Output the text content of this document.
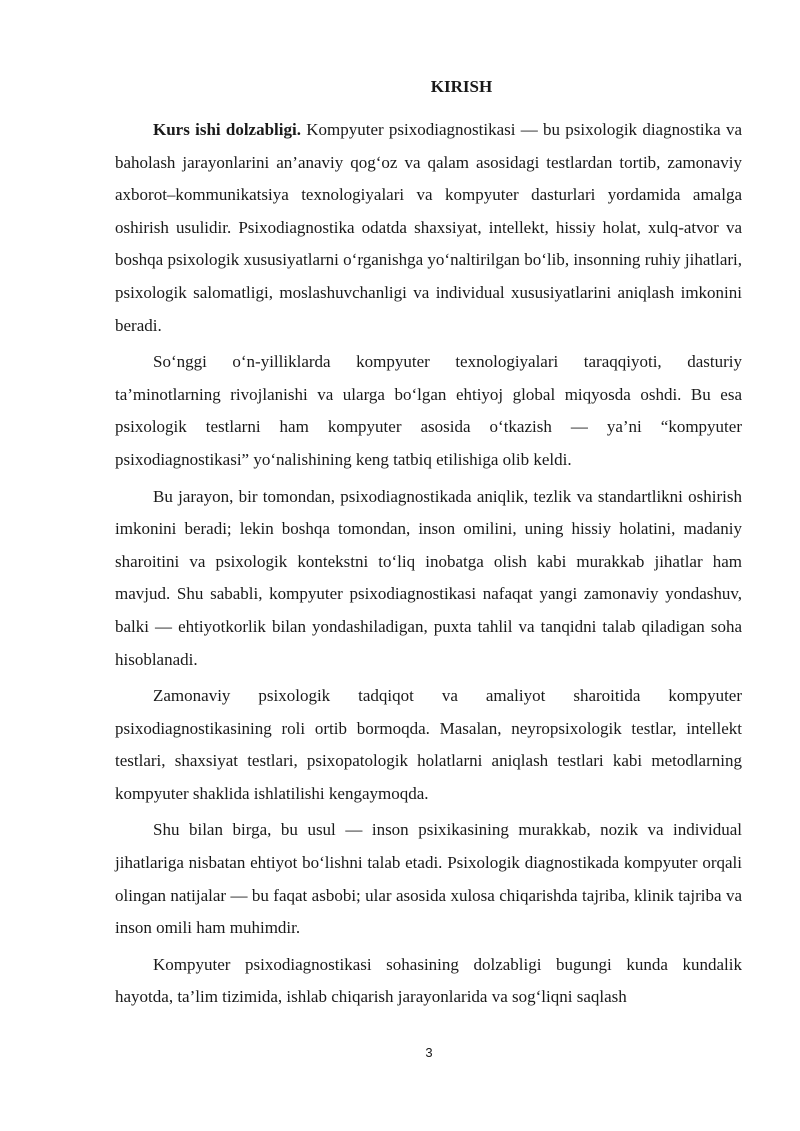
KIRISH

Kurs ishi dolzabligi. Kompyuter psixodiagnostikasi — bu psixologik diagnostika va baholash jarayonlarini an’anaviy qog‘oz va qalam asosidagi testlardan tortib, zamonaviy axborot–kommunikatsiya texnologiyalari va kompyuter dasturlari yordamida amalga oshirish usulidir. Psixodiagnostika odatda shaxsiyat, intellekt, hissiy holat, xulq-atvor va boshqa psixologik xususiyatlarni o‘rganishga yo‘naltirilgan bo‘lib, insonning ruhiy jihatlari, psixologik salomatligi, moslashuvchanligi va individual xususiyatlarini aniqlash imkonini beradi.

So‘nggi o‘n-yilliklarda kompyuter texnologiyalari taraqqiyoti, dasturiy ta’minotlarning rivojlanishi va ularga bo‘lgan ehtiyoj global miqyosda oshdi. Bu esa psixologik testlarni ham kompyuter asosida o‘tkazish — ya’ni “kompyuter psixodiagnostikasi” yo‘nalishining keng tatbiq etilishiga olib keldi.

Bu jarayon, bir tomondan, psixodiagnostikada aniqlik, tezlik va standartlikni oshirish imkonini beradi; lekin boshqa tomondan, inson omilini, uning hissiy holatini, madaniy sharoitini va psixologik kontekstni to‘liq inobatga olish kabi murakkab jihatlar ham mavjud. Shu sababli, kompyuter psixodiagnostikasi nafaqat yangi zamonaviy yondashuv, balki — ehtiyotkorlik bilan yondashiladigan, puxta tahlil va tanqidni talab qiladigan soha hisoblanadi.

Zamonaviy psixologik tadqiqot va amaliyot sharoitida kompyuter psixodiagnostikasining roli ortib bormoqda. Masalan, neyropsixologik testlar, intellekt testlari, shaxsiyat testlari, psixopatologik holatlarni aniqlash testlari kabi metodlarning kompyuter shaklida ishlatilishi kengaymoqda.

Shu bilan birga, bu usul — inson psixikasining murakkab, nozik va individual jihatlariga nisbatan ehtiyot bo‘lishni talab etadi. Psixologik diagnostikada kompyuter orqali olingan natijalar — bu faqat asbobi; ular asosida xulosa chiqarishda tajriba, klinik tajriba va inson omili ham muhimdir.

Kompyuter psixodiagnostikasi sohasining dolzabligi bugungi kunda kundalik hayotda, ta’lim tizimida, ishlab chiqarish jarayonlarida va sog‘liqni saqlash

3
